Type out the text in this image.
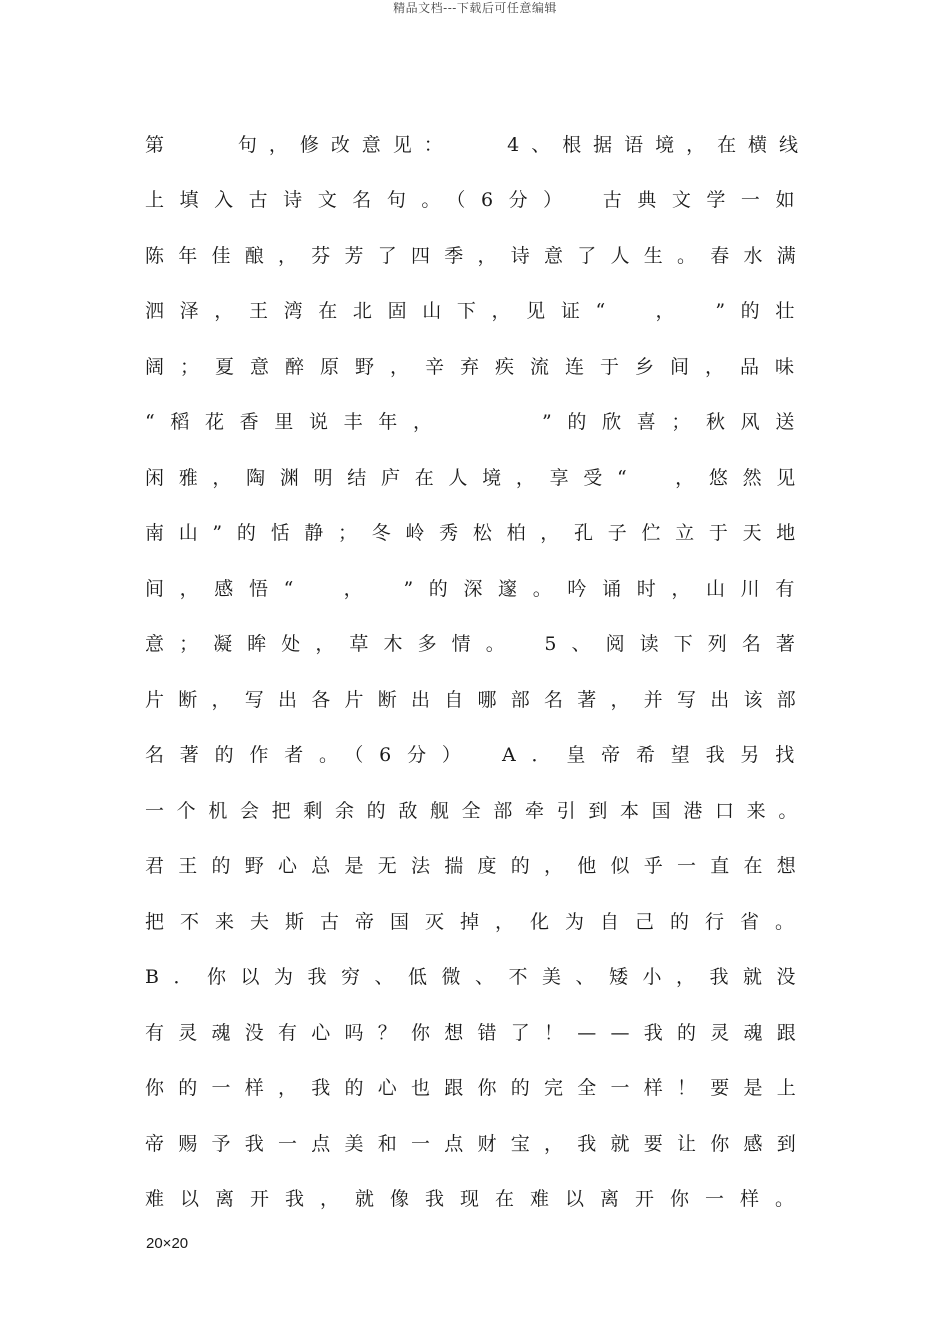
精品文档---下载后可任意编辑
第　　句，修改意见：　　4、根据语境，在横线
上填入古诗文名句。（6分）　古典文学一如
陈年佳酿，芬芳了四季，诗意了人生。春水满
泗泽，王湾在北固山下，见证“　，　”的壮
阔；夏意醉原野，辛弃疾流连于乡间，品味
“稻花香里说丰年，　　　”的欣喜；秋风送
闲雅，陶渊明结庐在人境，享受“　，悠然见
南山”的恬静；冬岭秀松柏，孔子伫立于天地
间，感悟“　，　”的深邃。吟诵时，山川有
意；凝眸处，草木多情。　5、阅读下列名著
片断，写出各片断出自哪部名著，并写出该部
名著的作者。（6分）　A．皇帝希望我另找
一个机会把剩余的敌舰全部牵引到本国港口来。
君王的野心总是无法揣度的，他似乎一直在想
把不来夫斯古帝国灭掉，化为自己的行省。
B．你以为我穷、低微、不美、矮小，我就没
有灵魂没有心吗？你想错了！——我的灵魂跟
你的一样，我的心也跟你的完全一样！要是上
帝赐予我一点美和一点财宝，我就要让你感到
难以离开我，就像我现在难以离开你一样。
20×20
